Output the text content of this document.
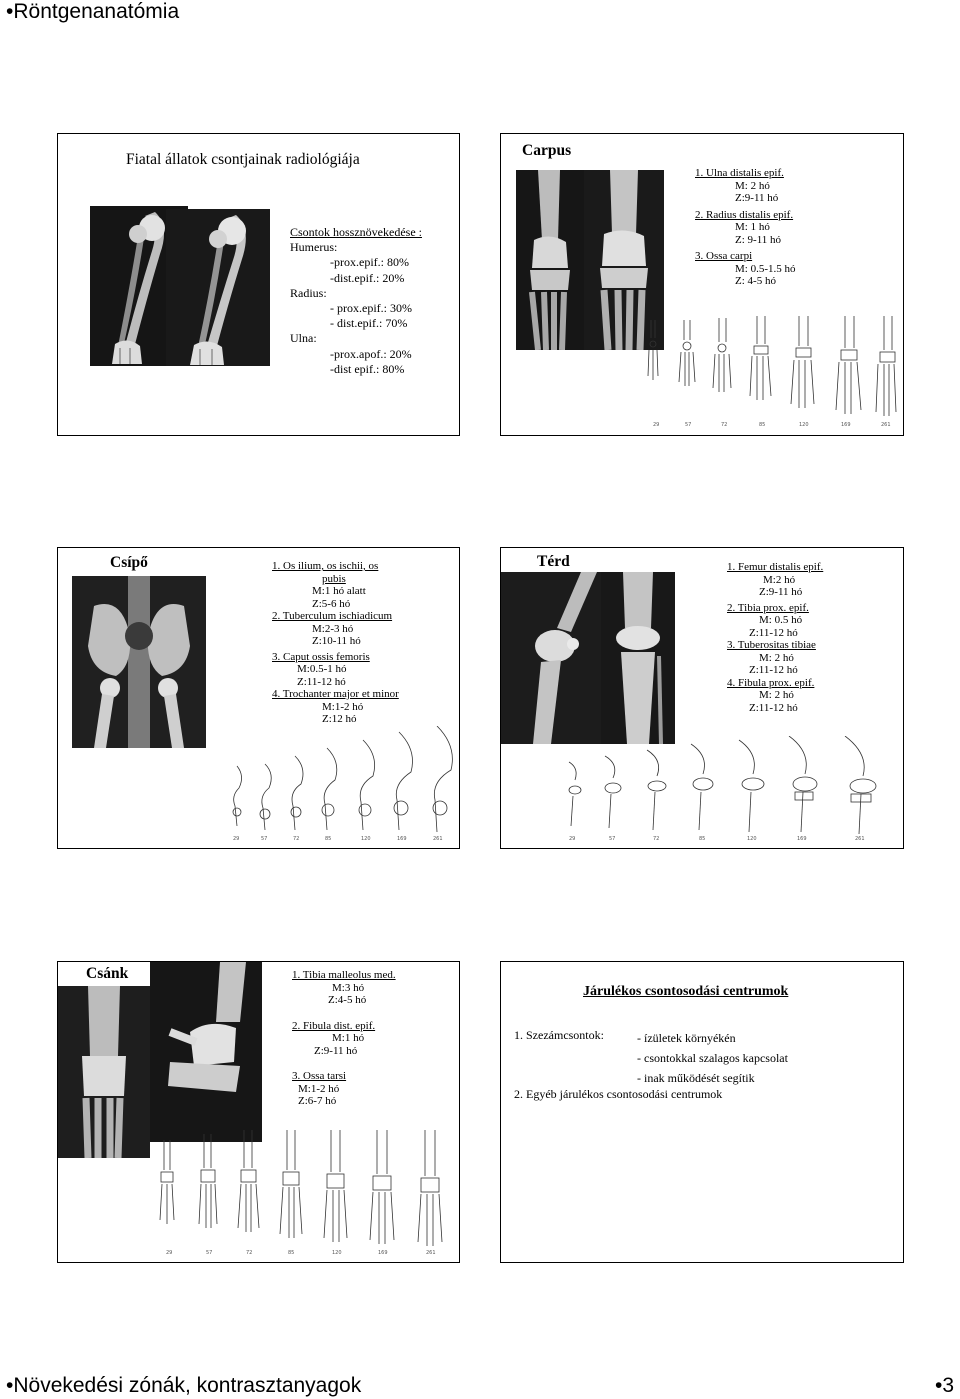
•Röntgenanatómia
Fiatal állatok csontjainak radiológiája
Csontok hossznövekedése :
Humerus:
-prox.epif.: 80%
-dist.epif.: 20%
Radius:
- prox.epif.: 30%
- dist.epif.: 70%
Ulna:
-prox.apof.: 20%
-dist epif.: 80%
Carpus
1. Ulna distalis epif.
M: 2 hó
Z:9-11 hó
2. Radius distalis epif.
M: 1 hó
Z: 9-11 hó
3. Ossa carpi
M: 0.5-1.5 hó
Z: 4-5 hó
29	57	72	85	120	169	261
Csípő	1. Os ilium, os ischii, os
pubis
M:1 hó alatt
Z:5-6 hó
2. Tuberculum ischiadicum
M:2-3 hó
Z:10-11 hó
3. Caput ossis femoris
M:0.5-1 hó
Z:11-12 hó
4. Trochanter major et minor
M:1-2 hó
Z:12 hó
29	57	72	85	120	169	261
Térd	1. Femur distalis epif.
M:2 hó
Z:9-11 hó
2. Tibia prox. epif.
M: 0.5 hó
Z:11-12 hó
3. Tuberositas tibiae
M: 2 hó
Z:11-12 hó
4. Fibula prox. epif.
M: 2 hó
Z:11-12 hó
29	57	72	85	120	169	261
Csánk	1. Tibia malleolus med.
M:3 hó
Z:4-5 hó
2. Fibula dist. epif.
M:1 hó
Z:9-11 hó
3. Ossa tarsi
M:1-2 hó
Z:6-7 hó
29	57	72	85	120	169	261
Járulékos csontosodási centrumok
1. Szezámcsontok:	- ízületek környékén
- csontokkal szalagos kapcsolat
- inak működését segítik
2. Egyéb járulékos csontosodási centrumok
•Növekedési zónák, kontrasztanyagok	•3
